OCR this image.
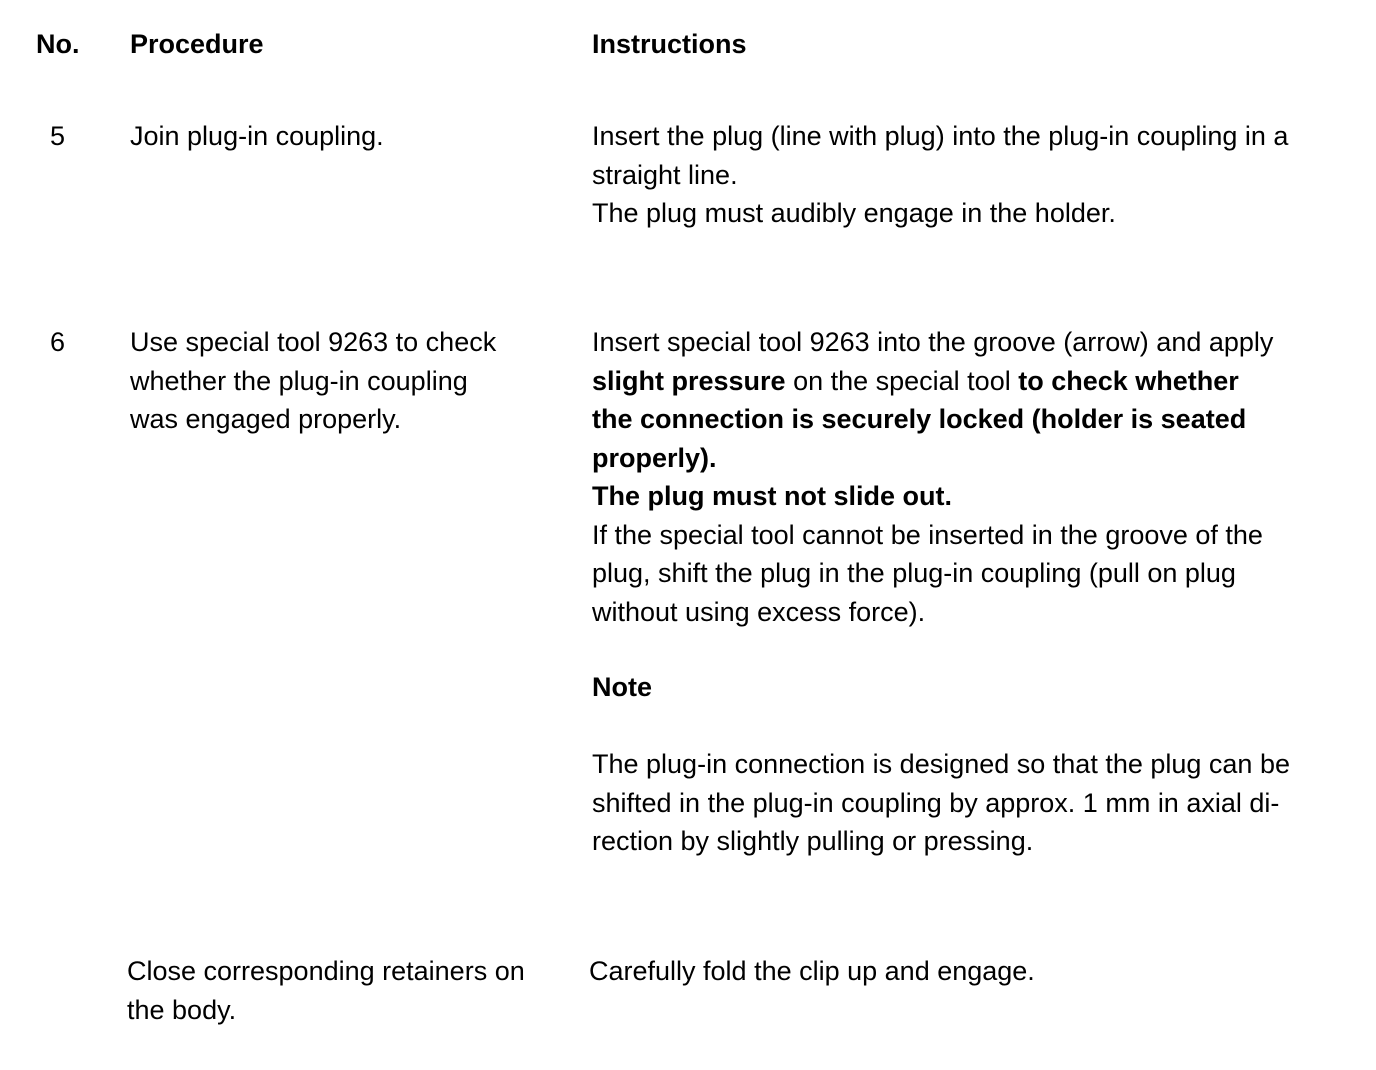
No. Procedure	Instructions
5 Join plug-in coupling.	Insert the plug (line with plug) into the plug-in coupling in a
straight line.
The plug must audibly engage in the holder.
6 Use special tool 9263 to check
whether the plug-in coupling
was engaged properly.
Insert special tool 9263 into the groove (arrow) and apply
slight pressure on the special tool to check whether
the connection is securely locked (holder is seated
properly).
The plug must not slide out.
If the special tool cannot be inserted in the groove of the
plug, shift the plug in the plug-in coupling (pull on plug
without using excess force).
Note
The plug-in connection is designed so that the plug can be
shifted in the plug-in coupling by approx. 1 mm in axial di-
rection by slightly pulling or pressing.
Close corresponding retainers on
the body.
Carefully fold the clip up and engage.
